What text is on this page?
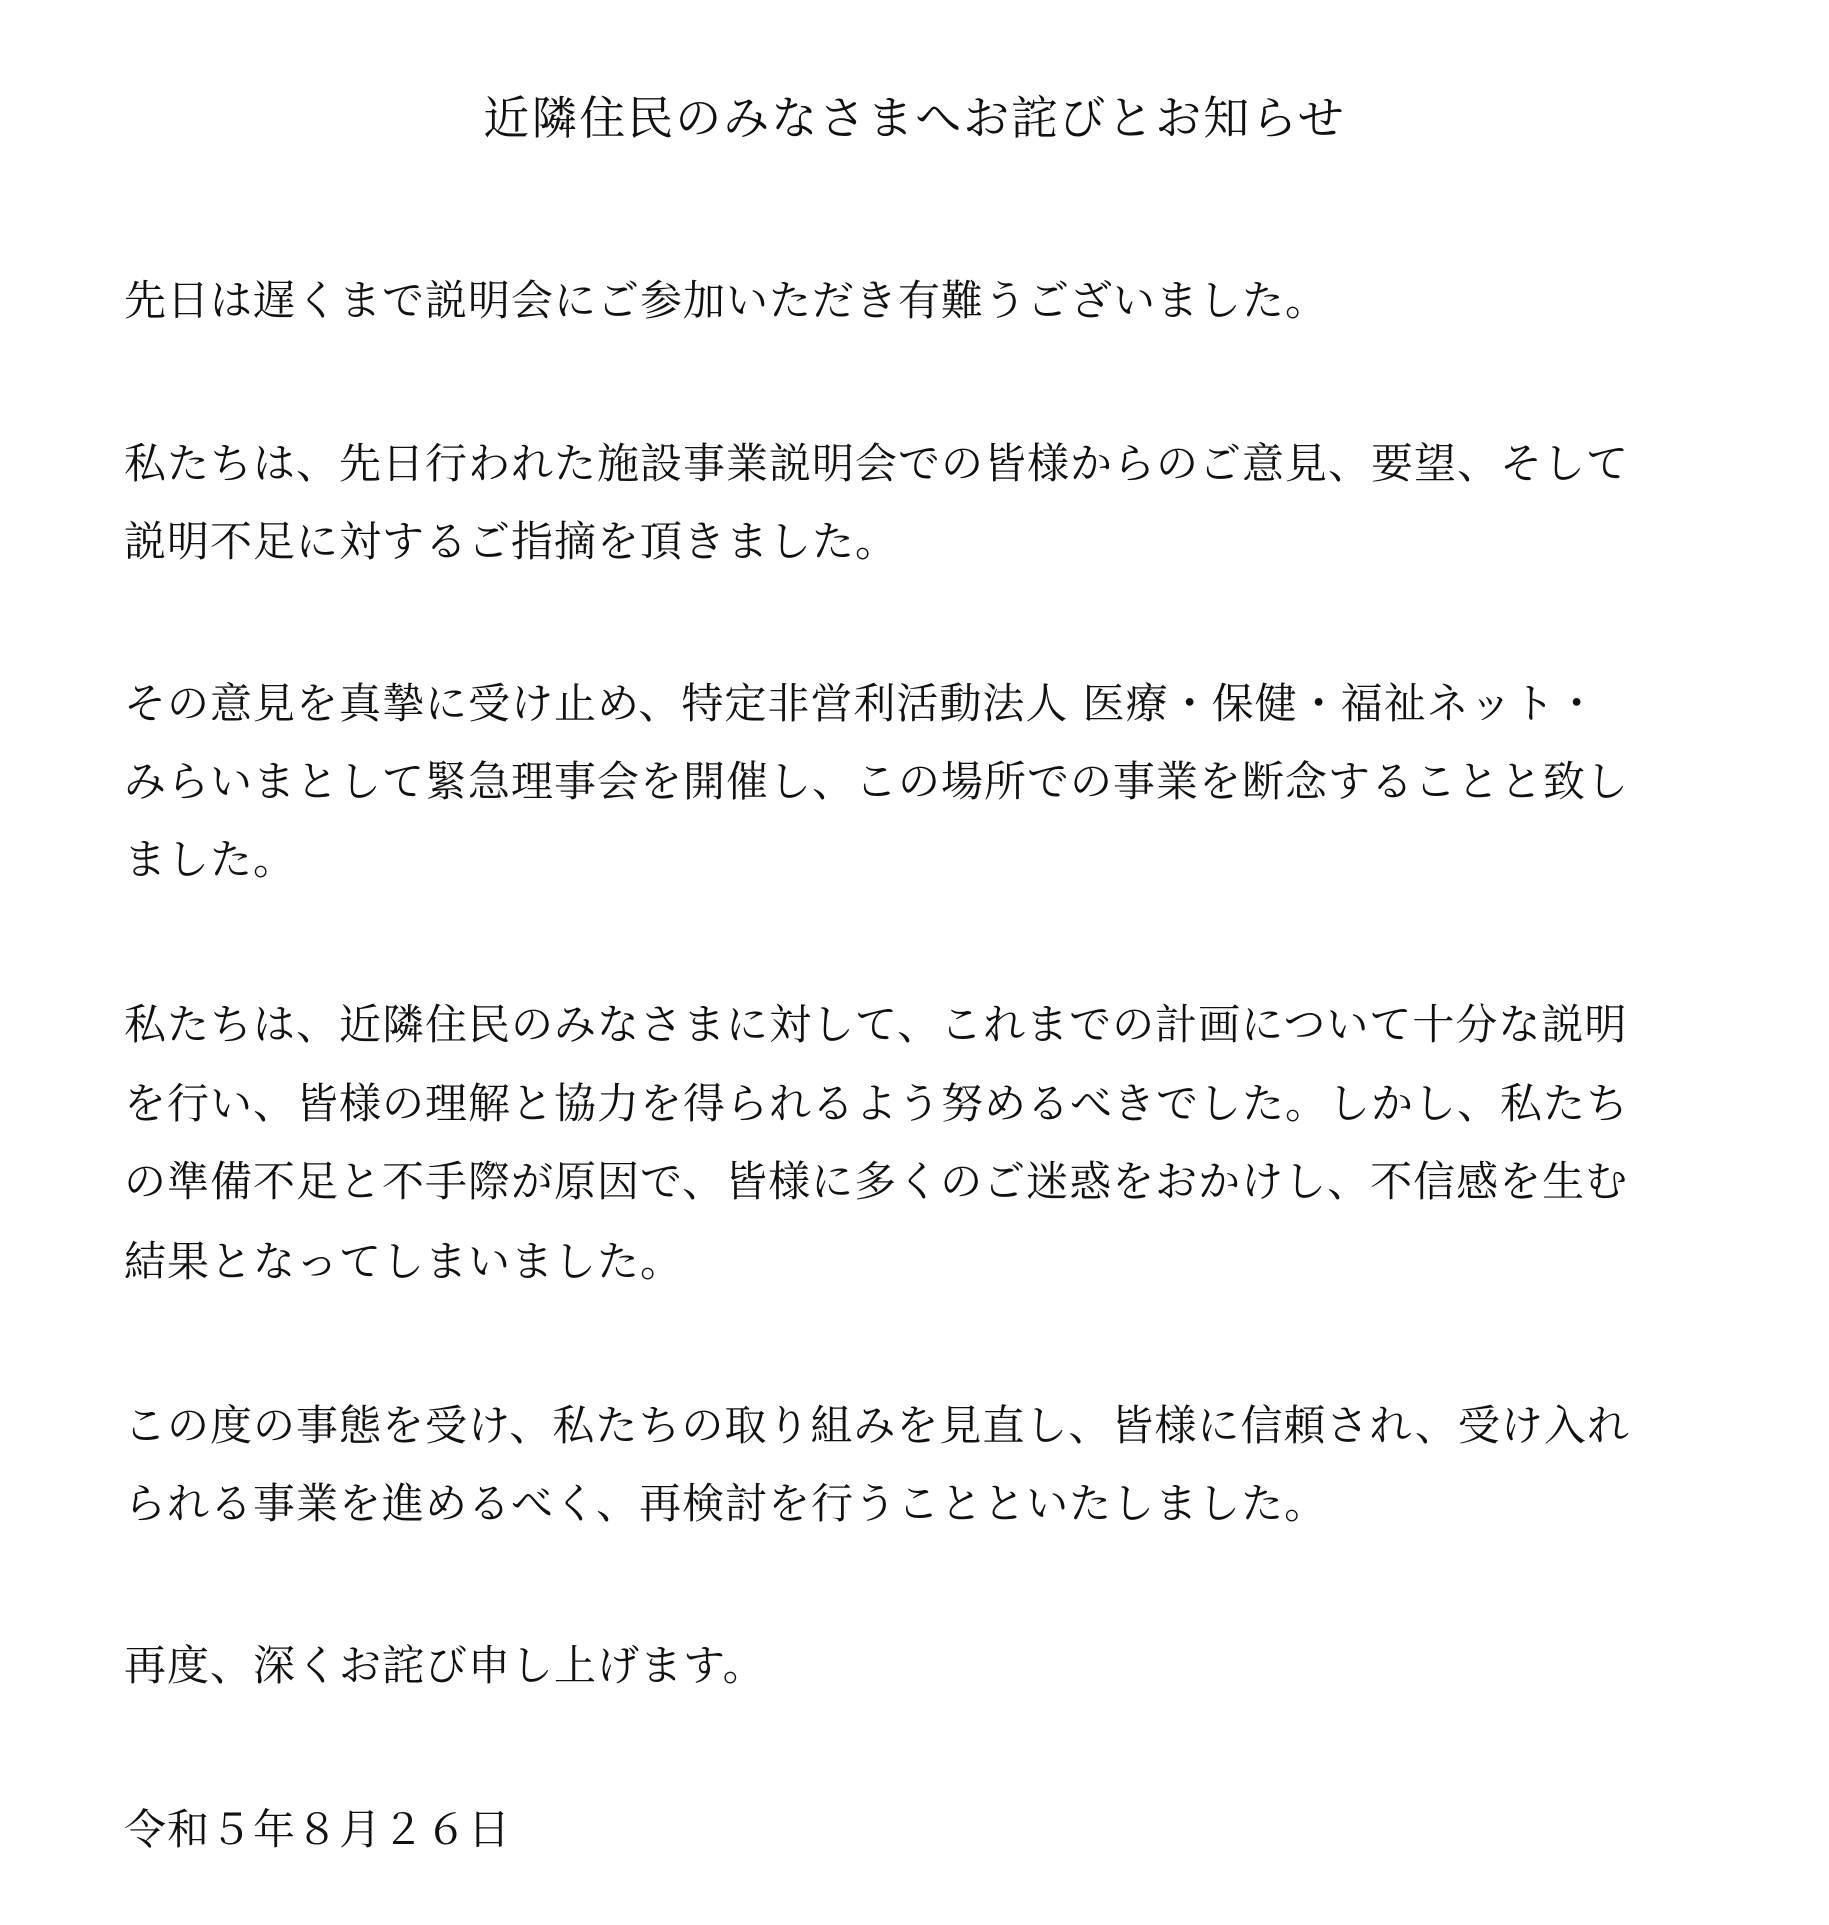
近隣住民のみなさまへお詫びとお知らせ
先日は遅くまで説明会にご参加いただき有難うございました。
私たちは、先日行われた施設事業説明会での皆様からのご意見、要望、そして
説明不足に対するご指摘を頂きました。
その意見を真摯に受け止め、特定非営利活動法人 医療・保健・福祉ネット・
みらいまとして緊急理事会を開催し、この場所での事業を断念することと致し
ました。
私たちは、近隣住民のみなさまに対して、これまでの計画について十分な説明
を行い、皆様の理解と協力を得られるよう努めるべきでした。しかし、私たち
の準備不足と不手際が原因で、皆様に多くのご迷惑をおかけし、不信感を生む
結果となってしまいました。
この度の事態を受け、私たちの取り組みを見直し、皆様に信頼され、受け入れ
られる事業を進めるべく、再検討を行うことといたしました。
再度、深くお詫び申し上げます。
令和５年８月２６日
